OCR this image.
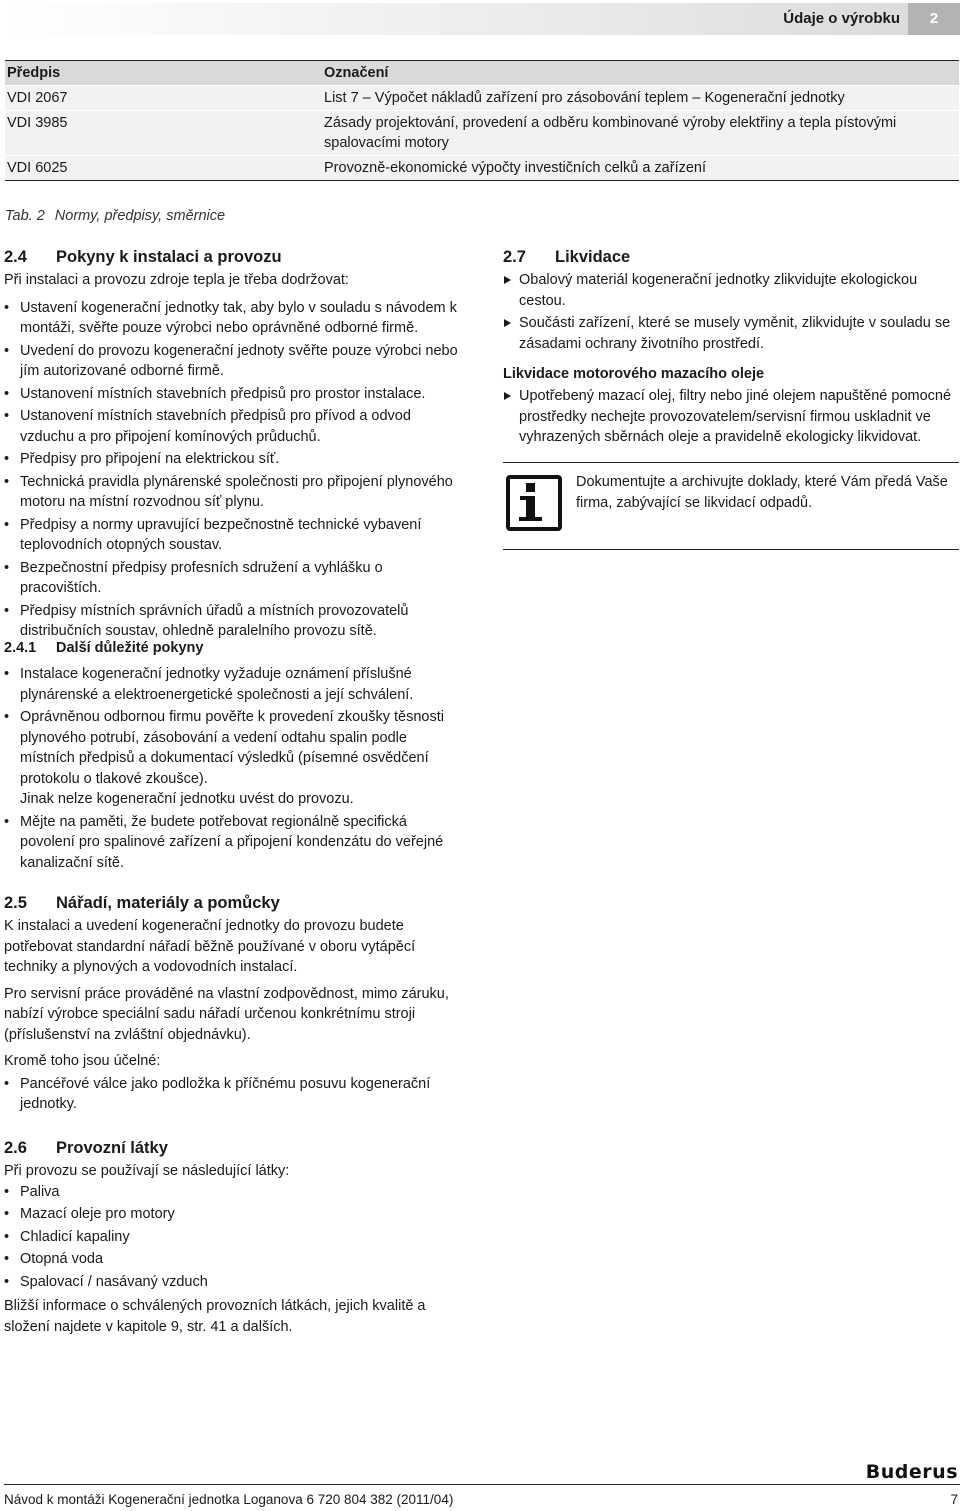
Údaje o výrobku	2
Předpis	Označení
VDI 2067	List 7 – Výpočet nákladů zařízení pro zásobování teplem – Kogenerační jednotky
VDI 3985	Zásady projektování, provedení a odběru kombinované výroby elektřiny a tepla pístovými spalovacími motory
VDI 6025	Provozně-ekonomické výpočty investičních celků a zařízení
Tab. 2 Normy, předpisy, směrnice
2.4 Pokyny k instalaci a provozu

Při instalaci a provozu zdroje tepla je třeba dodržovat:

• Ustavení kogenerační jednotky tak, aby bylo v souladu s návodem k montáži, svěřte pouze výrobci nebo oprávněné odborné firmě.
• Uvedení do provozu kogenerační jednoty svěřte pouze výrobci nebo jím autorizované odborné firmě.
• Ustanovení místních stavebních předpisů pro prostor instalace.
• Ustanovení místních stavebních předpisů pro přívod a odvod vzduchu a pro připojení komínových průduchů.
• Předpisy pro připojení na elektrickou síť.
• Technická pravidla plynárenské společnosti pro připojení plynového motoru na místní rozvodnou síť plynu.
• Předpisy a normy upravující bezpečnostně technické vybavení teplovodních otopných soustav.
• Bezpečnostní předpisy profesních sdružení a vyhlášku o pracovištích.
• Předpisy místních správních úřadů a místních provozovatelů distribučních soustav, ohledně paralelního provozu sítě.
2.4.1 Další důležité pokyny
• Instalace kogenerační jednotky vyžaduje oznámení příslušné plynárenské a elektroenergetické společnosti a její schválení.
• Oprávněnou odbornou firmu pověřte k provedení zkoušky těsnosti plynového potrubí, zásobování a vedení odtahu spalin podle místních předpisů a dokumentací výsledků (písemné osvědčení protokolu o tlakové zkoušce).
Jinak nelze kogenerační jednotku uvést do provozu.
• Mějte na paměti, že budete potřebovat regionálně specifická povolení pro spalinové zařízení a připojení kondenzátu do veřejné kanalizační sítě.
2.5 Nářadí, materiály a pomůcky

K instalaci a uvedení kogenerační jednotky do provozu budete potřebovat standardní nářadí běžně používané v oboru vytápěcí techniky a plynových a vodovodních instalací.

Pro servisní práce prováděné na vlastní zodpovědnost, mimo záruku, nabízí výrobce speciální sadu nářadí určenou konkrétnímu stroji (příslušenství na zvláštní objednávku).

Kromě toho jsou účelné:

• Pancéřové válce jako podložka k příčnému posuvu kogenerační jednotky.
2.6 Provozní látky

Při provozu se používají se následující látky:

• Paliva
• Mazací oleje pro motory
• Chladicí kapaliny
• Otopná voda
• Spalovací / nasávaný vzduch

Bližší informace o schválených provozních látkách, jejich kvalitě a složení najdete v kapitole 9, str. 41 a dalších.

2.7 Likvidace
Obalový materiál kogenerační jednotky zlikvidujte ekologickou cestou.
Součásti zařízení, které se musely vyměnit, zlikvidujte v souladu se zásadami ochrany životního prostředí.
Likvidace motorového mazacího oleje
Upotřebený mazací olej, filtry nebo jiné olejem napuštěné pomocné prostředky nechejte provozovatelem/servisní firmou uskladnit ve vyhrazených sběrnách oleje a pravidelně ekologicky likvidovat.
Dokumentujte a archivujte doklady, které Vám předá Vaše firma, zabývající se likvidací odpadů.
Buderus
Návod k montáži Kogenerační jednotka Loganova 6 720 804 382 (2011/04)	7
